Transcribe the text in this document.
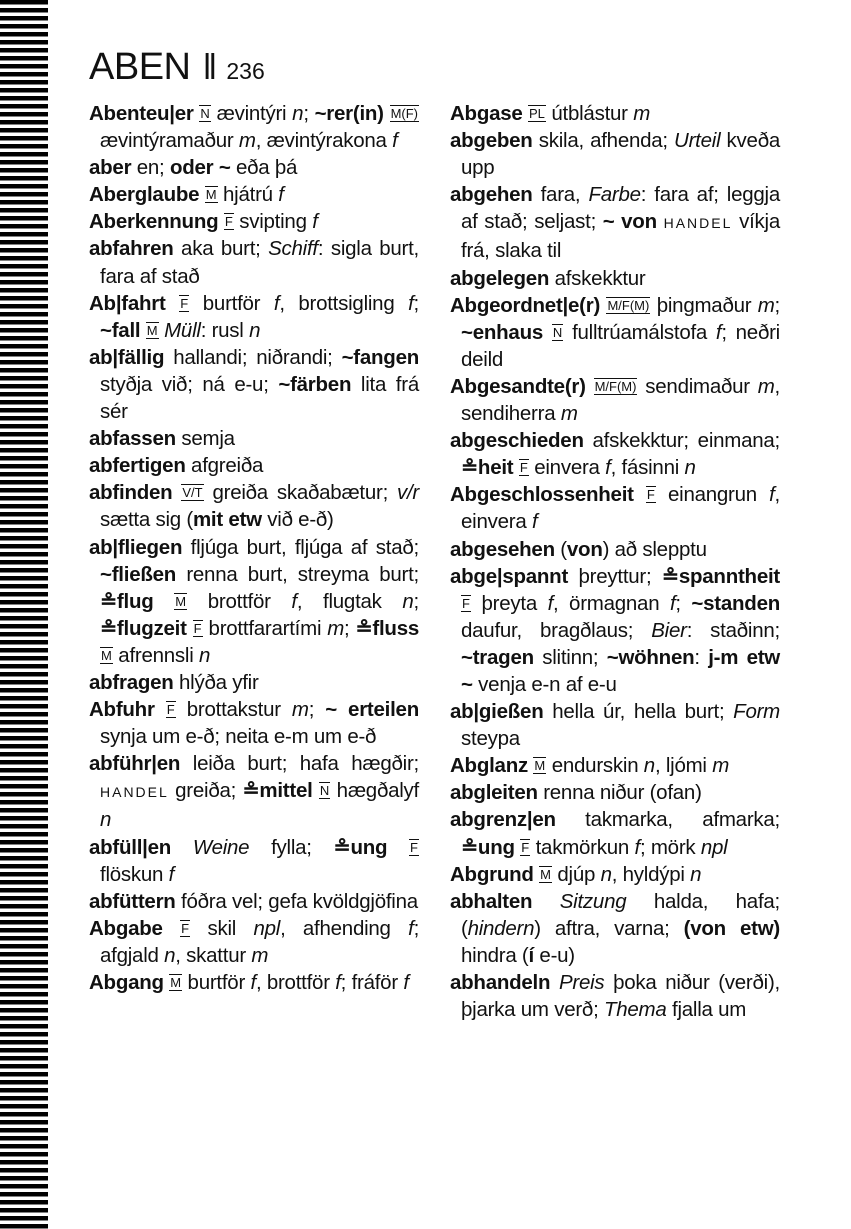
ABEN ‖ 236

Abenteu|er N ævintýri n; ~rer(in) M(F) ævintýramaður m, ævintýrakona f

aber en; oder ~ eða þá

Aberglaube M hjátrú f

Aberkennung F svipting f

abfahren aka burt; Schiff: sigla burt, fara af stað

Ab|fahrt F burtför f, brottsigling f; ~fall M Müll: rusl n

ab|fällig hallandi; niðrandi; ~fangen styðja við; ná e-u; ~färben lita frá sér

abfassen semja

abfertigen afgreiða

abfinden V/T greiða skaðabætur; v/r sætta sig (mit etw við e-ð)

ab|fliegen fljúga burt, fljúga af stað; ~fließen renna burt, streyma burt; ≗flug M brottför f, flugtak n; ≗flugzeit F brottfarartími m; ≗fluss M afrennsli n

abfragen hlýða yfir

Abfuhr F brottakstur m; ~ erteilen synja um e-ð; neita e-m um e-ð

abführ|en leiða burt; hafa hægðir; HANDEL greiða; ≗mittel N hægðalyf n

abfüll|en Weine fylla; ≗ung F flöskun f

abfüttern fóðra vel; gefa kvöldgjöfina

Abgabe F skil npl, afhending f; afgjald n, skattur m

Abgang M burtför f, brottför f; fráför f

Abgase PL útblástur m

abgeben skila, afhenda; Urteil kveða upp

abgehen fara, Farbe: fara af; leggja af stað; seljast; ~ von HANDEL víkja frá, slaka til

abgelegen afskekktur

Abgeordnet|e(r) M/F(M) þingmaður m; ~enhaus N fulltrúamálstofa f; neðri deild

Abgesandte(r) M/F(M) sendimaður m, sendiherra m

abgeschieden afskekktur; einmana; ≗heit F einvera f, fásinni n

Abgeschlossenheit F einangrun f, einvera f

abgesehen (von) að slepptu

abge|spannt þreyttur; ≗spanntheit F þreyta f, örmagnan f; ~standen daufur, bragðlaus; Bier: staðinn; ~tragen slitinn; ~wöhnen: j-m etw ~ venja e-n af e-u

ab|gießen hella úr, hella burt; Form steypa

Abglanz M endurskin n, ljómi m

abgleiten renna niður (ofan)

abgrenz|en takmarka, afmarka; ≗ung F takmörkun f; mörk npl

Abgrund M djúp n, hyldýpi n

abhalten Sitzung halda, hafa; (hindern) aftra, varna; (von etw) hindra (í e-u)

abhandeln Preis þoka niður (verði), þjarka um verð; Thema fjalla um
